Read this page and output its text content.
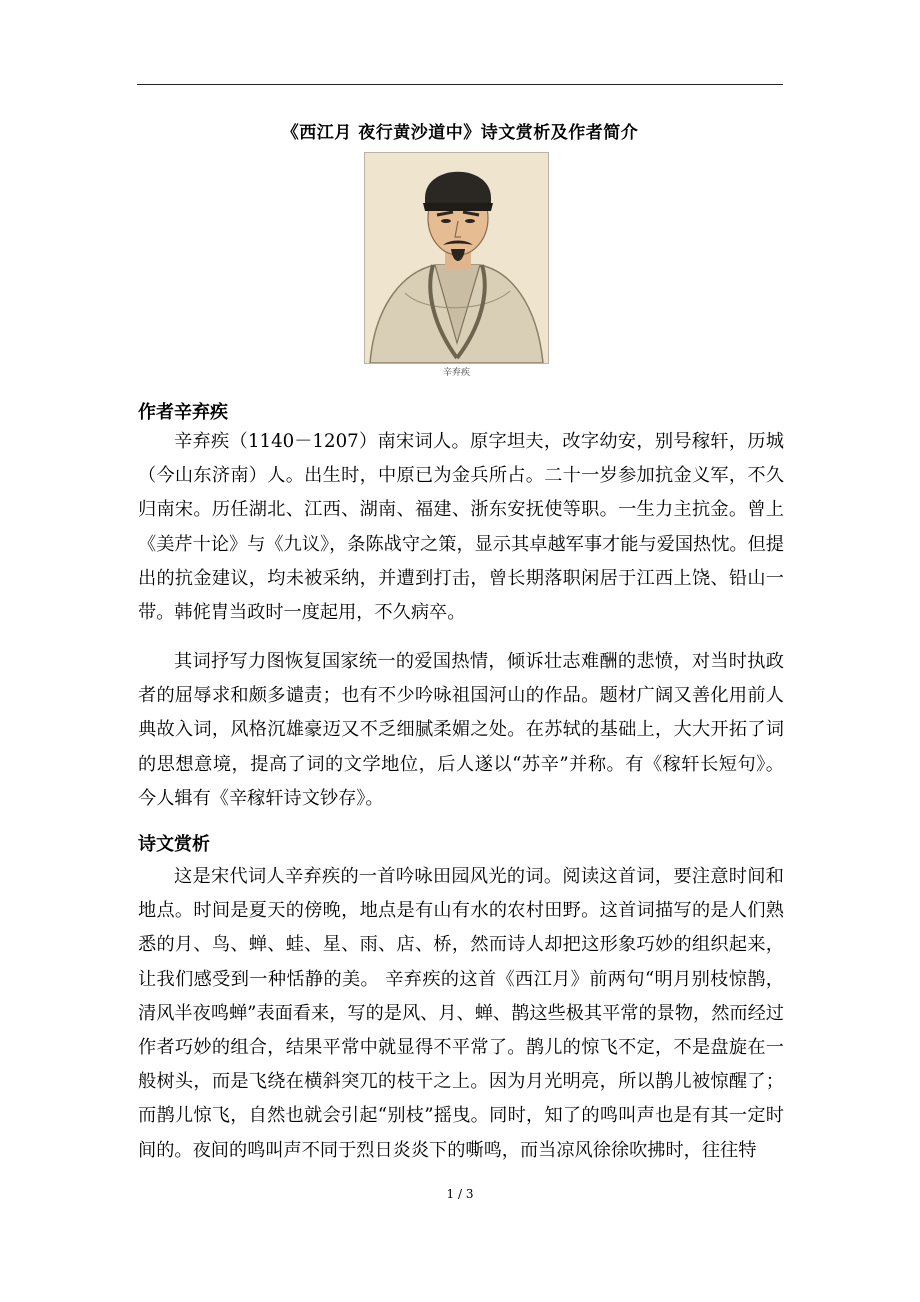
《西江月 夜行黄沙道中》诗文赏析及作者简介
辛弃疾
作者辛弃疾

辛弃疾（1140－1207）南宋词人。原字坦夫，改字幼安，别号稼轩，历城（今山东济南）人。出生时，中原已为金兵所占。二十一岁参加抗金义军，不久归南宋。历任湖北、江西、湖南、福建、浙东安抚使等职。一生力主抗金。曾上《美芹十论》与《九议》，条陈战守之策，显示其卓越军事才能与爱国热忱。但提出的抗金建议，均未被采纳，并遭到打击，曾长期落职闲居于江西上饶、铅山一带。韩侂胄当政时一度起用，不久病卒。

其词抒写力图恢复国家统一的爱国热情，倾诉壮志难酬的悲愤，对当时执政者的屈辱求和颇多谴责；也有不少吟咏祖国河山的作品。题材广阔又善化用前人典故入词，风格沉雄豪迈又不乏细腻柔媚之处。在苏轼的基础上，大大开拓了词的思想意境，提高了词的文学地位，后人遂以“苏辛”并称。有《稼轩长短句》。今人辑有《辛稼轩诗文钞存》。

诗文赏析

这是宋代词人辛弃疾的一首吟咏田园风光的词。阅读这首词，要注意时间和地点。时间是夏天的傍晚，地点是有山有水的农村田野。这首词描写的是人们熟悉的月、鸟、蝉、蛙、星、雨、店、桥，然而诗人却把这形象巧妙的组织起来，让我们感受到一种恬静的美。 辛弃疾的这首《西江月》前两句“明月别枝惊鹊，清风半夜鸣蝉”表面看来，写的是风、月、蝉、鹊这些极其平常的景物，然而经过作者巧妙的组合，结果平常中就显得不平常了。鹊儿的惊飞不定，不是盘旋在一般树头，而是飞绕在横斜突兀的枝干之上。因为月光明亮，所以鹊儿被惊醒了；而鹊儿惊飞，自然也就会引起“别枝”摇曳。同时，知了的鸣叫声也是有其一定时间的。夜间的鸣叫声不同于烈日炎炎下的嘶鸣，而当凉风徐徐吹拂时，往往特

1 / 3
